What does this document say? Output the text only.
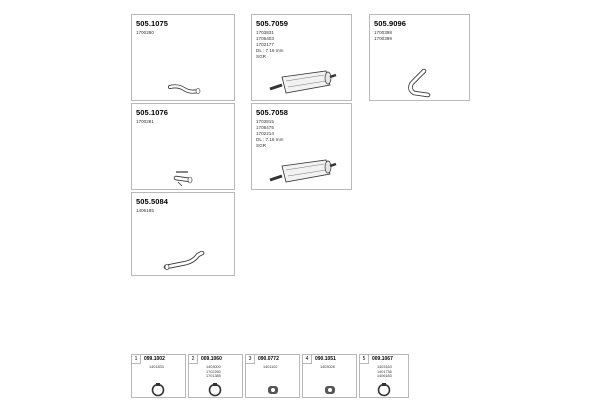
505.1075
1700280
505.7059
1703831
1706403
1702177
DL : 7.16 mm
SGR
505.9096
1700398
1700399
505.1076
1700281
505.7058
1703815
1706475
1702214
DL : 7.16 mm
SGR
505.5084
1406185
1	099.1002
1401833
2	009.1060
1403000
1702250
1701385
3	090.0772
1401102
4	090.1051
1403028
5	009.1067
1403163
1401736
1406183
